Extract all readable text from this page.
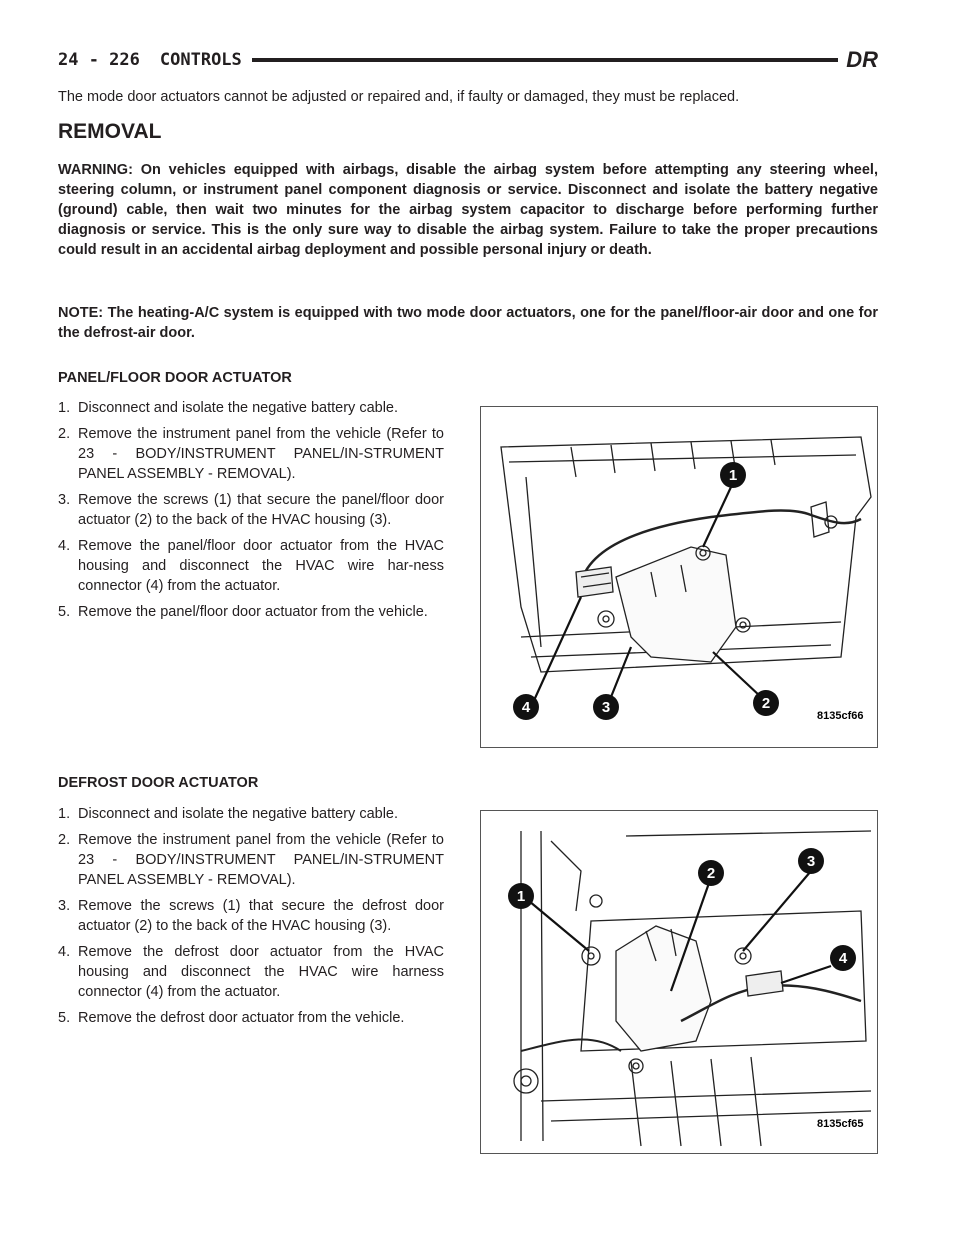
24 - 226 CONTROLS	DR
The mode door actuators cannot be adjusted or repaired and, if faulty or damaged, they must be replaced.
REMOVAL
WARNING: On vehicles equipped with airbags, disable the airbag system before attempting any steering wheel, steering column, or instrument panel component diagnosis or service. Disconnect and isolate the battery negative (ground) cable, then wait two minutes for the airbag system capacitor to discharge before performing further diagnosis or service. This is the only sure way to disable the airbag system. Failure to take the proper precautions could result in an accidental airbag deployment and possible personal injury or death.
NOTE: The heating-A/C system is equipped with two mode door actuators, one for the panel/floor-air door and one for the defrost-air door.
PANEL/FLOOR DOOR ACTUATOR
1. Disconnect and isolate the negative battery cable.
2. Remove the instrument panel from the vehicle (Refer to 23 - BODY/INSTRUMENT PANEL/IN-STRUMENT PANEL ASSEMBLY - REMOVAL).
3. Remove the screws (1) that secure the panel/floor door actuator (2) to the back of the HVAC housing (3).
4. Remove the panel/floor door actuator from the HVAC housing and disconnect the HVAC wire har-ness connector (4) from the actuator.
5. Remove the panel/floor door actuator from the vehicle.
1
2
3
4	8135cf66
DEFROST DOOR ACTUATOR
1. Disconnect and isolate the negative battery cable.
2. Remove the instrument panel from the vehicle (Refer to 23 - BODY/INSTRUMENT PANEL/IN-STRUMENT PANEL ASSEMBLY - REMOVAL).
3. Remove the screws (1) that secure the defrost door actuator (2) to the back of the HVAC housing (3).
4. Remove the defrost door actuator from the HVAC housing and disconnect the HVAC wire harness connector (4) from the actuator.
5. Remove the defrost door actuator from the vehicle.
1
2
3
4
8135cf65
